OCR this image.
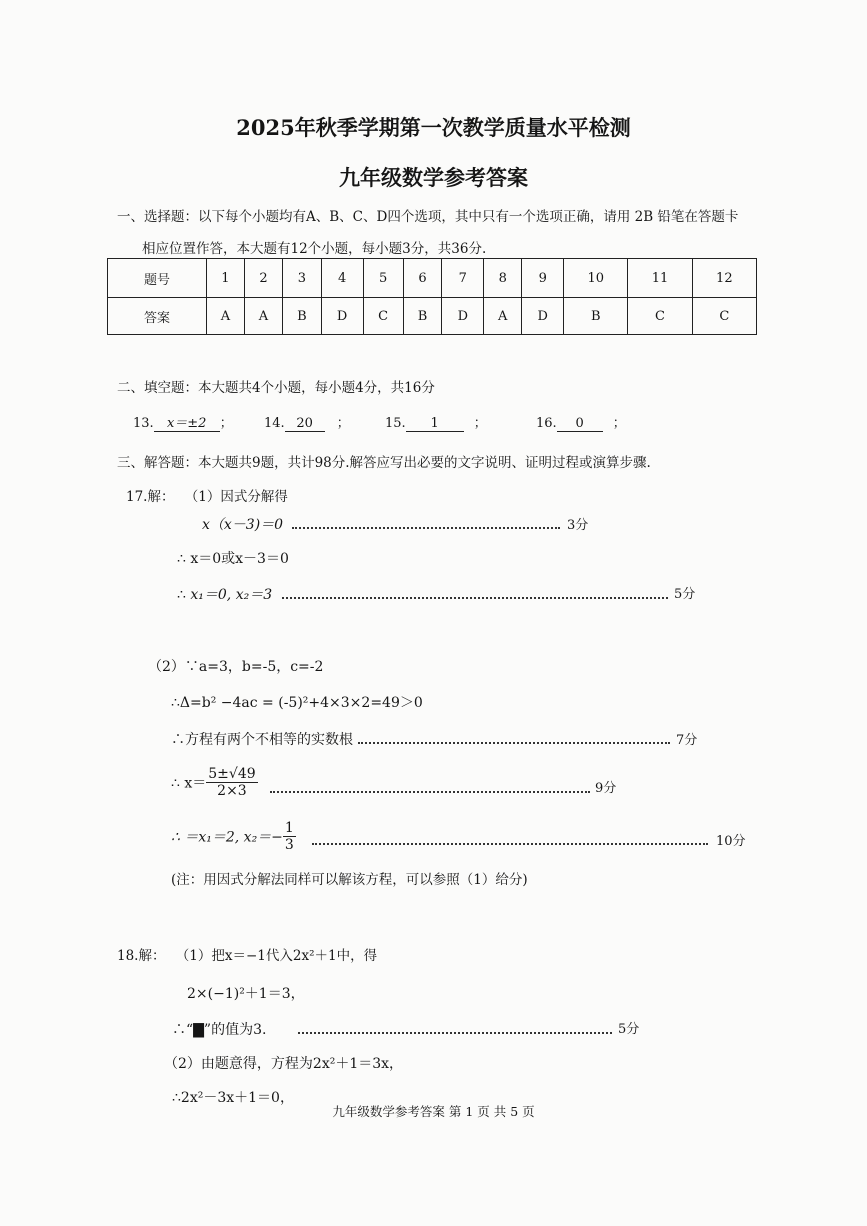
2025年秋季学期第一次教学质量水平检测
九年级数学参考答案
一、选择题：以下每个小题均有A、B、C、D四个选项，其中只有一个选项正确，请用 2B 铅笔在答题卡
相应位置作答，本大题有12个小题，每小题3分，共36分.
题号	1	2	3	4	5	6	7	8	9	10	11	12
答案	A	A	B	D	C	B	D	A	D	B	C	C
二、填空题：本大题共4个小题，每小题4分，共16分
13. x＝±2 ； 14. 20 ；	15. 1	；	16. 0 ；
三、解答题：本大题共9题，共计98分.解答应写出必要的文字说明、证明过程或演算步骤.
17.解： （1）因式分解得
x（x－3)＝0	3分
∴ x＝0或x－3＝0
∴ x₁＝0, x₂＝3	5分
（2）∵a=3，b=-5，c=-2
∴Δ=b² −4ac = (-5)²+4×3×2=49＞0
∴方程有两个不相等的实数根	7分
∴ $x= \frac{5\pm√49}{2\times 3}$	9分
∴ ＝x₁＝2, $x_2=- \frac{1}{3}$	10分
(注：用因式分解法同样可以解该方程，可以参照（1）给分)
18.解： （1）把x＝−1代入2x²＋1中，得
2×(−1)²＋1＝3，
∴“▇”的值为3.	5分
（2）由题意得，方程为2x²＋1＝3x，
∴2x²－3x＋1＝0，
九年级数学参考答案 第 1 页 共 5 页
